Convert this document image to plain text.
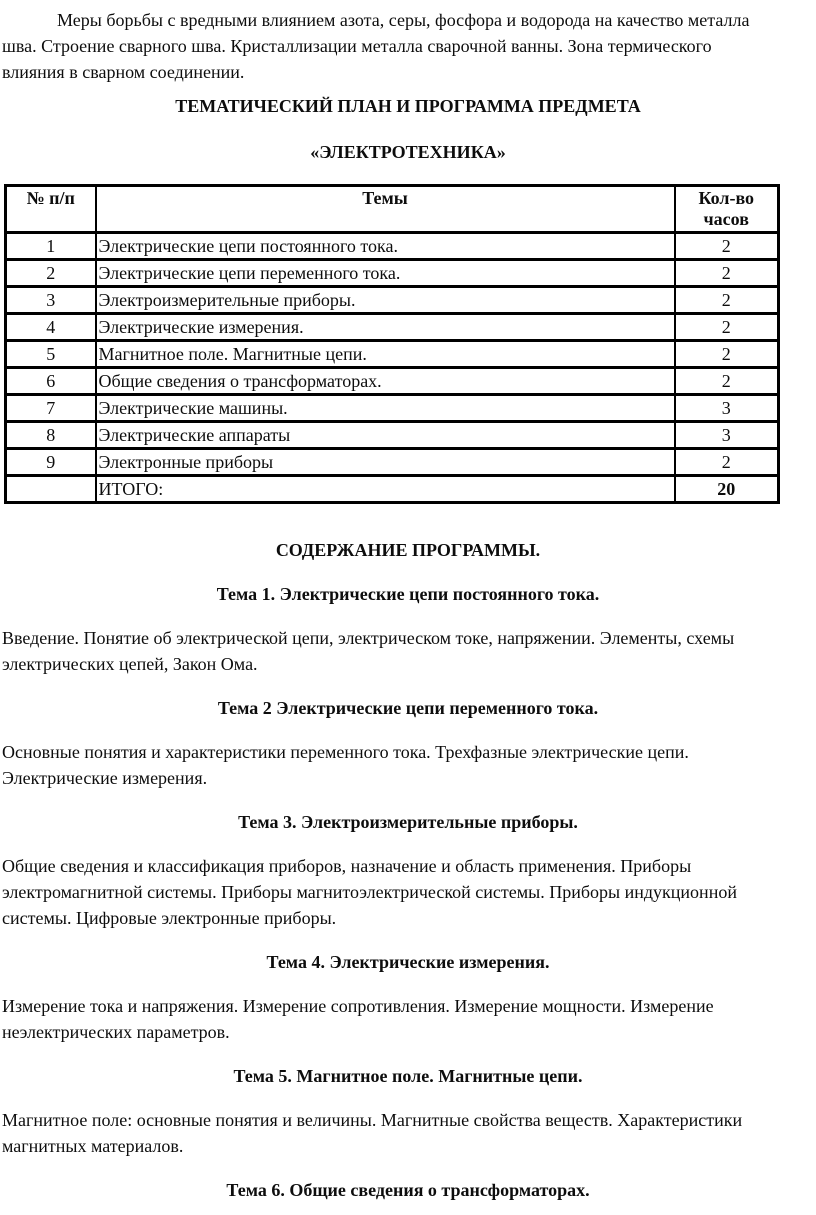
Меры борьбы с вредными влиянием азота, серы, фосфора и водорода на качество металла шва. Строение сварного шва. Кристаллизации металла сварочной ванны. Зона термического влияния в сварном соединении.

ТЕМАТИЧЕСКИЙ ПЛАН И ПРОГРАММА ПРЕДМЕТА
«ЭЛЕКТРОТЕХНИКА»
№ п/п	Темы	Кол-во часов
1	Электрические цепи постоянного тока.	2
2	Электрические цепи переменного тока.	2
3	Электроизмерительные приборы.	2
4	Электрические измерения.	2
5	Магнитное поле. Магнитные цепи.	2
6	Общие сведения о трансформаторах.	2
7	Электрические машины.	3
8	Электрические аппараты	3
9	Электронные приборы	2
	ИТОГО:	20
СОДЕРЖАНИЕ ПРОГРАММЫ.
Тема 1. Электрические цепи постоянного тока.

Введение. Понятие об электрической цепи, электрическом токе, напряжении. Элементы, схемы электрических цепей, Закон Ома.

Тема 2 Электрические цепи переменного тока.

Основные понятия и характеристики переменного тока. Трехфазные электрические цепи. Электрические измерения.

Тема 3. Электроизмерительные приборы.

Общие сведения и классификация приборов, назначение и область применения. Приборы электромагнитной системы. Приборы магнитоэлектрической системы. Приборы индукционной системы. Цифровые электронные приборы.

Тема 4. Электрические измерения.

Измерение тока и напряжения. Измерение сопротивления. Измерение мощности. Измерение неэлектрических параметров.

Тема 5. Магнитное поле. Магнитные цепи.

Магнитное поле: основные понятия и величины. Магнитные свойства веществ. Характеристики магнитных материалов.

Тема 6. Общие сведения о трансформаторах.
